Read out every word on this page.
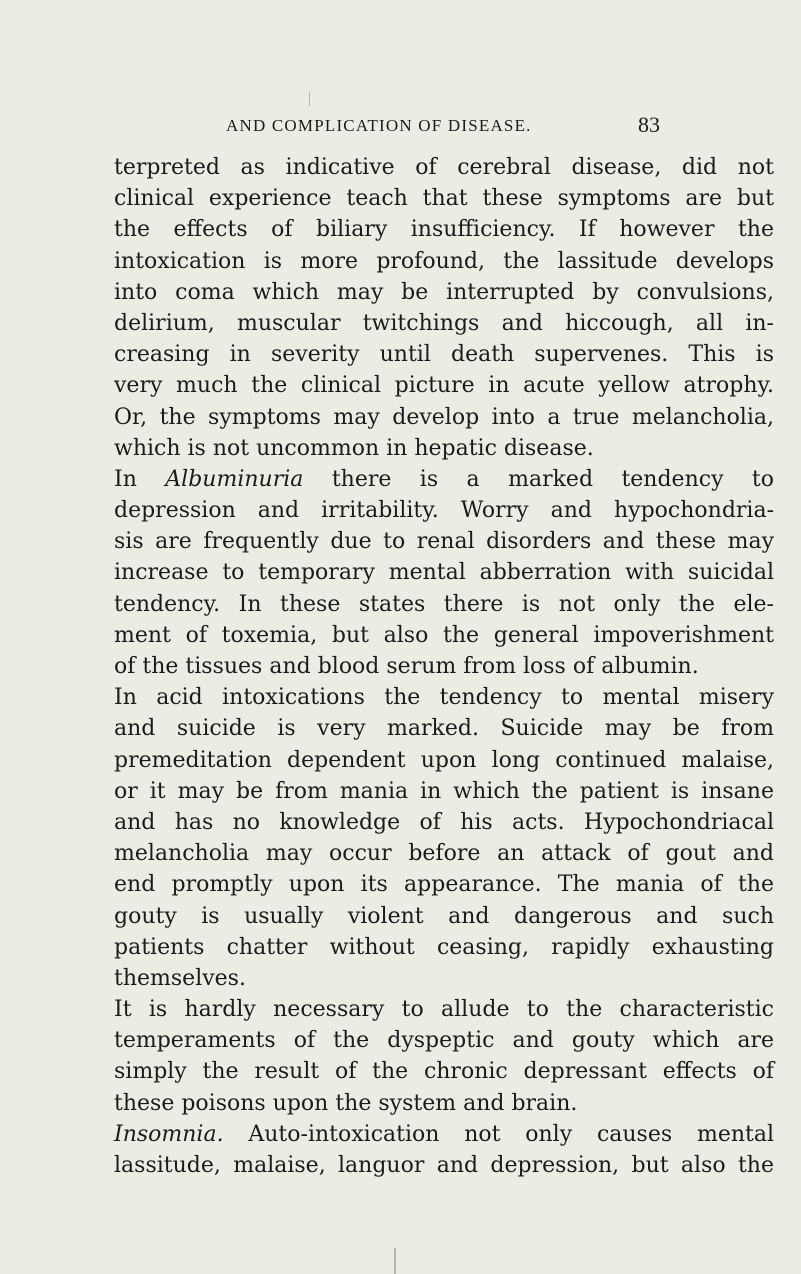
AND COMPLICATION OF DISEASE.	83
terpreted as indicative of cerebral disease, did not
clinical experience teach that these symptoms are but
the effects of biliary insufficiency. If however the
intoxication is more profound, the lassitude develops
into coma which may be interrupted by convulsions,
delirium, muscular twitchings and hiccough, all in-
creasing in severity until death supervenes. This is
very much the clinical picture in acute yellow atrophy.
Or, the symptoms may develop into a true melancholia,
which is not uncommon in hepatic disease.
In Albuminuria there is a marked tendency to
depression and irritability. Worry and hypochondria-
sis are frequently due to renal disorders and these may
increase to temporary mental abberration with suicidal
tendency. In these states there is not only the ele-
ment of toxemia, but also the general impoverishment
of the tissues and blood serum from loss of albumin.
In acid intoxications the tendency to mental misery
and suicide is very marked. Suicide may be from
premeditation dependent upon long continued malaise,
or it may be from mania in which the patient is insane
and has no knowledge of his acts. Hypochondriacal
melancholia may occur before an attack of gout and
end promptly upon its appearance. The mania of the
gouty is usually violent and dangerous and such
patients chatter without ceasing, rapidly exhausting
themselves.
It is hardly necessary to allude to the characteristic
temperaments of the dyspeptic and gouty which are
simply the result of the chronic depressant effects of
these poisons upon the system and brain.
Insomnia. Auto-intoxication not only causes mental
lassitude, malaise, languor and depression, but also the
